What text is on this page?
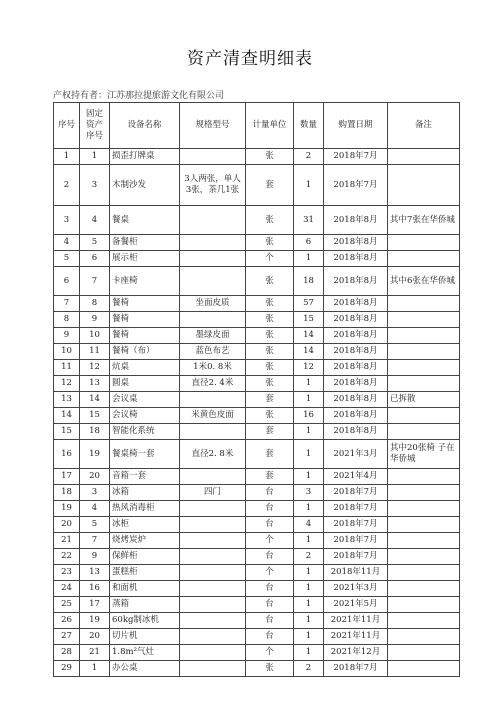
资产清查明细表
产权持有者：江苏那拉提旅游文化有限公司
序号	固定 资产 序号	设备名称	规格型号	计量单位	数量	购置日期	备注
1	1	损歪打牌桌		张	2	2018年7月	
2	3	木制沙发	3人两张，单人3张，茶几1张	套	1	2018年7月	
3	4	餐桌		张	31	2018年8月	其中7张在华侨城
4	5	备餐柜		张	6	2018年8月	
5	6	展示柜		个	1	2018年8月	
6	7	卡座椅		张	18	2018年8月	其中6张在华侨城
7	8	餐椅	坐面皮质	张	57	2018年8月	
8	9	餐椅		张	15	2018年8月	
9	10	餐椅	墨绿皮面	张	14	2018年8月	
10	11	餐椅（布）	蓝色布艺	张	14	2018年8月	
11	12	炕桌	1米0. 8米	张	12	2018年8月	
12	13	圆桌	直径2. 4米	张	1	2018年8月	
13	14	会议桌		套	1	2018年8月	已拆散
14	15	会议椅	米黄色皮面	张	16	2018年8月	
15	18	智能化系统		套	1	2018年8月	
16	19	餐桌椅一套	直径2. 8米	套	1	2021年3月	其中20张椅 子在华侨城
17	20	音箱一套		套	1	2021年4月	
18	3	冰箱	四门	台	3	2018年7月	
19	4	热风消毒柜		台	1	2018年7月	
20	5	冰柜		台	4	2018年7月	
21	7	烧烤炭炉		个	1	2018年7月	
22	9	保鲜柜		台	2	2018年7月	
23	13	蛋糕柜		个	1	2018年11月	
24	16	和面机		台	1	2021年3月	
25	17	蒸箱		台	1	2021年5月	
26	19	60kg制冰机		台	1	2021年11月	
27	20	切片机		台	1	2021年11月	
28	21	1.8m²气灶		个	1	2021年12月	
29	1	办公桌		张	2	2018年7月	
